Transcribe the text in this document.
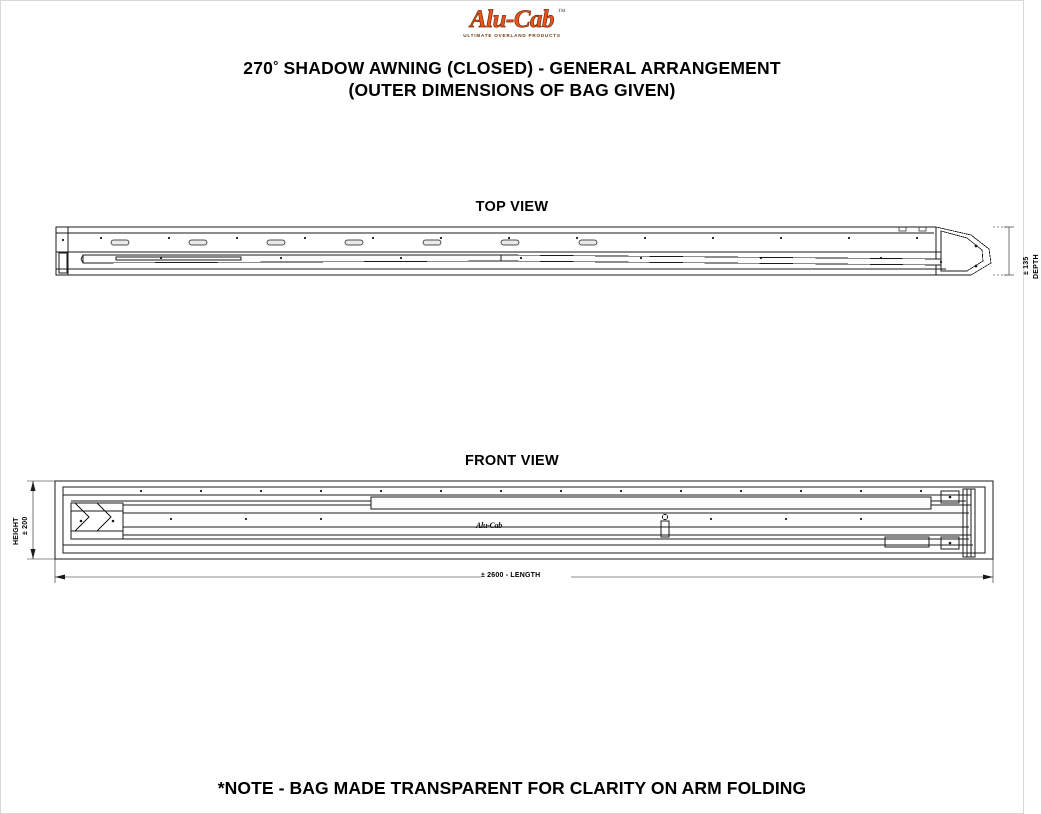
Alu-Cab ™
ULTIMATE OVERLAND PRODUCTS
270° SHADOW AWNING (CLOSED) - GENERAL ARRANGEMENT
(OUTER DIMENSIONS OF BAG GIVEN)
TOP VIEW
± 135 DEPTH
FRONT VIEW
± 2600 - LENGTH
± 200
HEIGHT	Alu-Cab
*NOTE - BAG MADE TRANSPARENT FOR CLARITY ON ARM FOLDING
